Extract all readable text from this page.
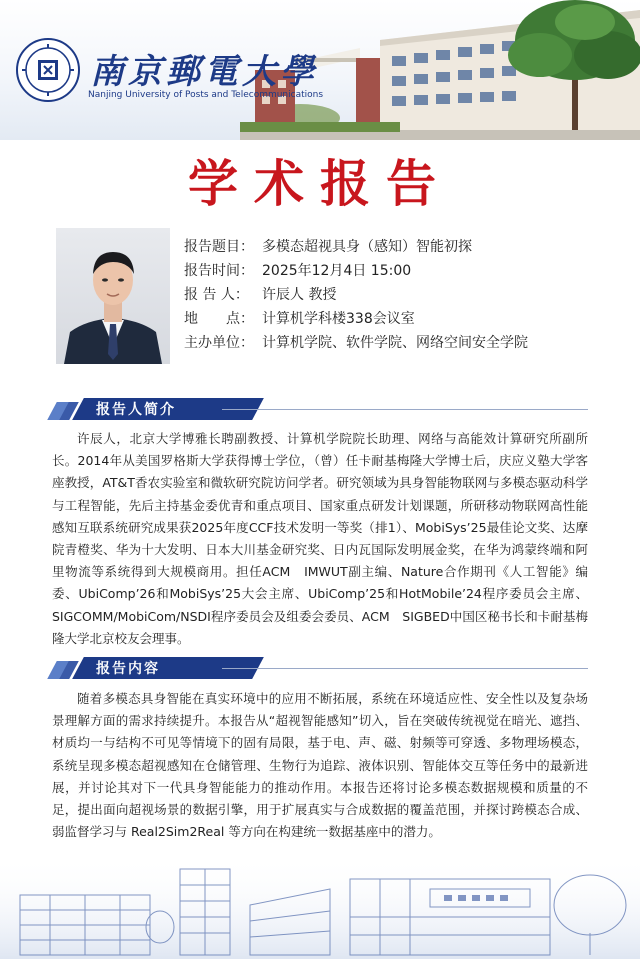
南京郵電大學
Nanjing University of Posts and Telecommunications
学术报告
报告题目： 多模态超视具身（感知）智能初探
报告时间： 2025年12月4日 15:00
报 告 人： 许辰人 教授
地　　点： 计算机学科楼338会议室
主办单位： 计算机学院、软件学院、网络空间安全学院
报告人简介
许辰人，北京大学博雅长聘副教授、计算机学院院长助理、网络与高能效计算研究所副所长。2014年从美国罗格斯大学获得博士学位，（曾）任卡耐基梅隆大学博士后，庆应义塾大学客座教授，AT&T香农实验室和微软研究院访问学者。研究领域为具身智能物联网与多模态驱动科学与工程智能，先后主持基金委优青和重点项目、国家重点研发计划课题，所研移动物联网高性能感知互联系统研究成果获2025年度CCF技术发明一等奖（排1）、MobiSys’25最佳论文奖、达摩院青橙奖、华为十大发明、日本大川基金研究奖、日内瓦国际发明展金奖，在华为鸿蒙终端和阿里物流等系统得到大规模商用。担任ACM　IMWUT副主编、Nature合作期刊《人工智能》编委、UbiComp’26和MobiSys’25大会主席、UbiComp’25和HotMobile’24程序委员会主席、SIGCOMM/MobiCom/NSDI程序委员会及组委会委员、ACM　SIGBED中国区秘书长和卡耐基梅隆大学北京校友会理事。
报告内容
随着多模态具身智能在真实环境中的应用不断拓展，系统在环境适应性、安全性以及复杂场景理解方面的需求持续提升。本报告从“超视智能感知”切入，旨在突破传统视觉在暗光、遮挡、材质均一与结构不可见等情境下的固有局限，基于电、声、磁、射频等可穿透、多物理场模态，系统呈现多模态超视感知在仓储管理、生物行为追踪、液体识别、智能体交互等任务中的最新进展，并讨论其对下一代具身智能能力的推动作用。本报告还将讨论多模态数据规模和质量的不足，提出面向超视场景的数据引擎，用于扩展真实与合成数据的覆盖范围，并探讨跨模态合成、弱监督学习与 Real2Sim2Real 等方向在构建统一数据基座中的潜力。
